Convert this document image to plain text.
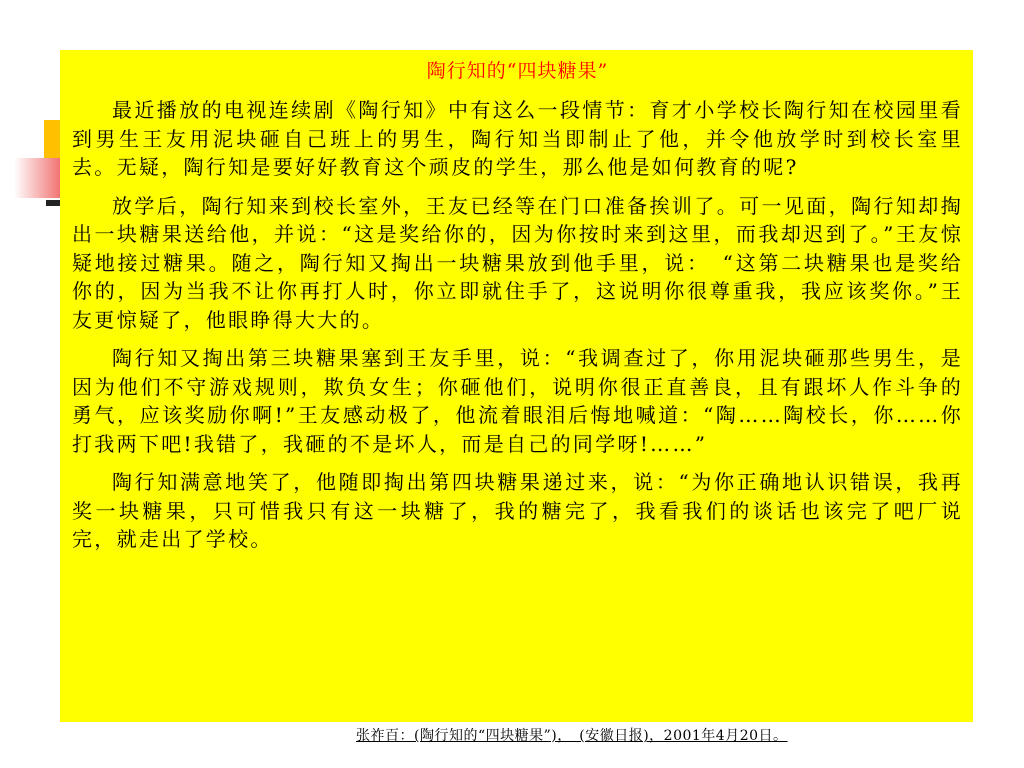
陶行知的“四块糖果”

最近播放的电视连续剧《陶行知》中有这么一段情节：育才小学校长陶行知在校园里看到男生王友用泥块砸自己班上的男生，陶行知当即制止了他，并令他放学时到校长室里去。无疑，陶行知是要好好教育这个顽皮的学生，那么他是如何教育的呢?

放学后，陶行知来到校长室外，王友已经等在门口准备挨训了。可一见面，陶行知却掏出一块糖果送给他，并说：“这是奖给你的，因为你按时来到这里，而我却迟到了。”王友惊疑地接过糖果。随之，陶行知又掏出一块糖果放到他手里，说：　“这第二块糖果也是奖给你的，因为当我不让你再打人时，你立即就住手了，这说明你很尊重我，我应该奖你。”王友更惊疑了，他眼睁得大大的。

陶行知又掏出第三块糖果塞到王友手里，说：“我调查过了，你用泥块砸那些男生，是因为他们不守游戏规则，欺负女生；你砸他们，说明你很正直善良，且有跟坏人作斗争的勇气，应该奖励你啊!”王友感动极了，他流着眼泪后悔地喊道：“陶……陶校长，你……你打我两下吧!我错了，我砸的不是坏人，而是自己的同学呀!……”

陶行知满意地笑了，他随即掏出第四块糖果递过来，说：“为你正确地认识错误，我再奖一块糖果，只可惜我只有这一块糖了，我的糖完了，我看我们的谈话也该完了吧厂说完，就走出了学校。

张祚百：(陶行知的“四块糖果”)，　(安徽日报)，2001年4月20日。
